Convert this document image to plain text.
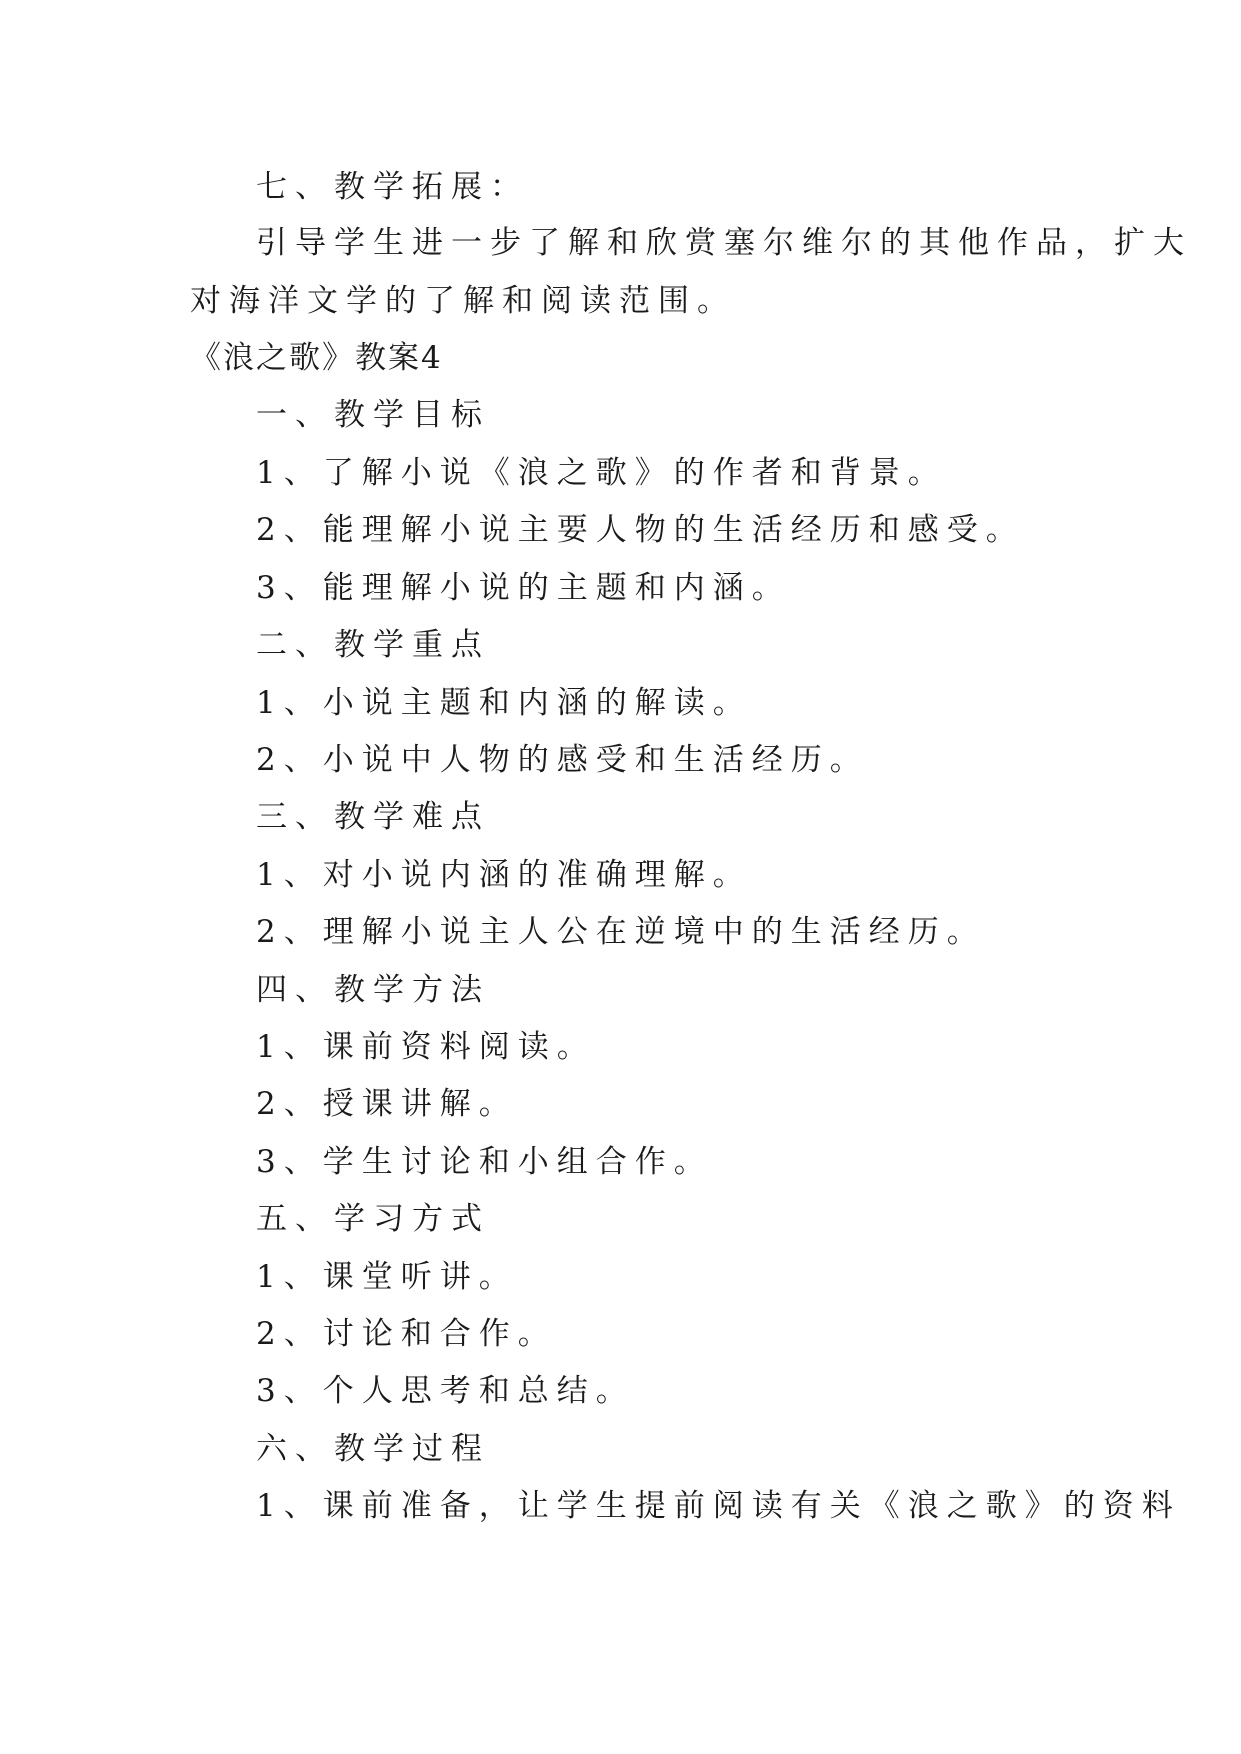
七、教学拓展：
引导学生进一步了解和欣赏塞尔维尔的其他作品，扩大
对海洋文学的了解和阅读范围。
《浪之歌》教案4
一、教学目标
1、了解小说《浪之歌》的作者和背景。
2、能理解小说主要人物的生活经历和感受。
3、能理解小说的主题和内涵。
二、教学重点
1、小说主题和内涵的解读。
2、小说中人物的感受和生活经历。
三、教学难点
1、对小说内涵的准确理解。
2、理解小说主人公在逆境中的生活经历。
四、教学方法
1、课前资料阅读。
2、授课讲解。
3、学生讨论和小组合作。
五、学习方式
1、课堂听讲。
2、讨论和合作。
3、个人思考和总结。
六、教学过程
1、课前准备，让学生提前阅读有关《浪之歌》的资料
